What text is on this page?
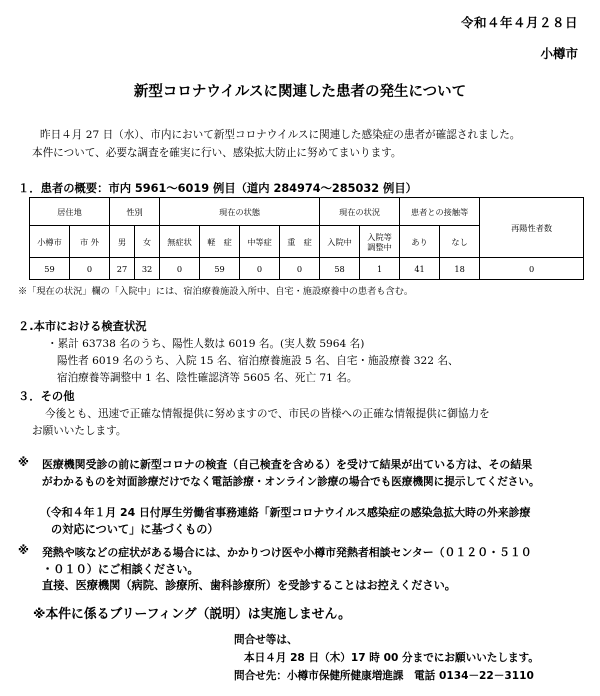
令和４年４月２８日
小樽市
新型コロナウイルスに関連した患者の発生について
昨日４月 27 日（水）、市内において新型コロナウイルスに関連した感染症の患者が確認されました。
本件について、必要な調査を確実に行い、感染拡大防止に努めてまいります。
１．患者の概要：市内 5961～6019 例目（道内 284974～285032 例目）
居住地		性別		現在の状態				現在の状況		患者との接触等		再陽性者数
小樽市	市 外	男	女	無症状	軽　症	中等症	重　症	入院中	入院等
調整中	あり	なし	
59	0	27	32	0	59	0	0	58	1	41	18	0
※「現在の状況」欄の「入院中」には、宿泊療養施設入所中、自宅・施設療養中の患者も含む。
２.本市における検査状況
・累計 63738 名のうち、陽性人数は 6019 名。(実人数 5964 名)
陽性者 6019 名のうち、入院 15 名、宿泊療養施設 5 名、自宅・施設療養 322 名、
宿泊療養等調整中 1 名、陰性確認済等 5605 名、死亡 71 名。
３．その他
今後とも、迅速で正確な情報提供に努めますので、市民の皆様への正確な情報提供に御協力を
お願いいたします。
※ 医療機関受診の前に新型コロナの検査（自己検査を含める）を受けて結果が出ている方は、その結果
がわかるものを対面診療だけでなく電話診療・オンライン診療の場合でも医療機関に提示してください。
（令和４年１月 24 日付厚生労働省事務連絡「新型コロナウイルス感染症の感染急拡大時の外来診療
の対応について」に基づくもの）
※ 発熱や咳などの症状がある場合には、かかりつけ医や小樽市発熱者相談センター（０１２０・５１０
・０１０）にご相談ください。
直接、医療機関（病院、診療所、歯科診療所）を受診することはお控えください。
※本件に係るブリーフィング（説明）は実施しません。
問合せ等は、
本日４月 28 日（木）17 時 00 分までにお願いいたします。
問合せ先：小樽市保健所健康増進課　電話 0134－22－3110
